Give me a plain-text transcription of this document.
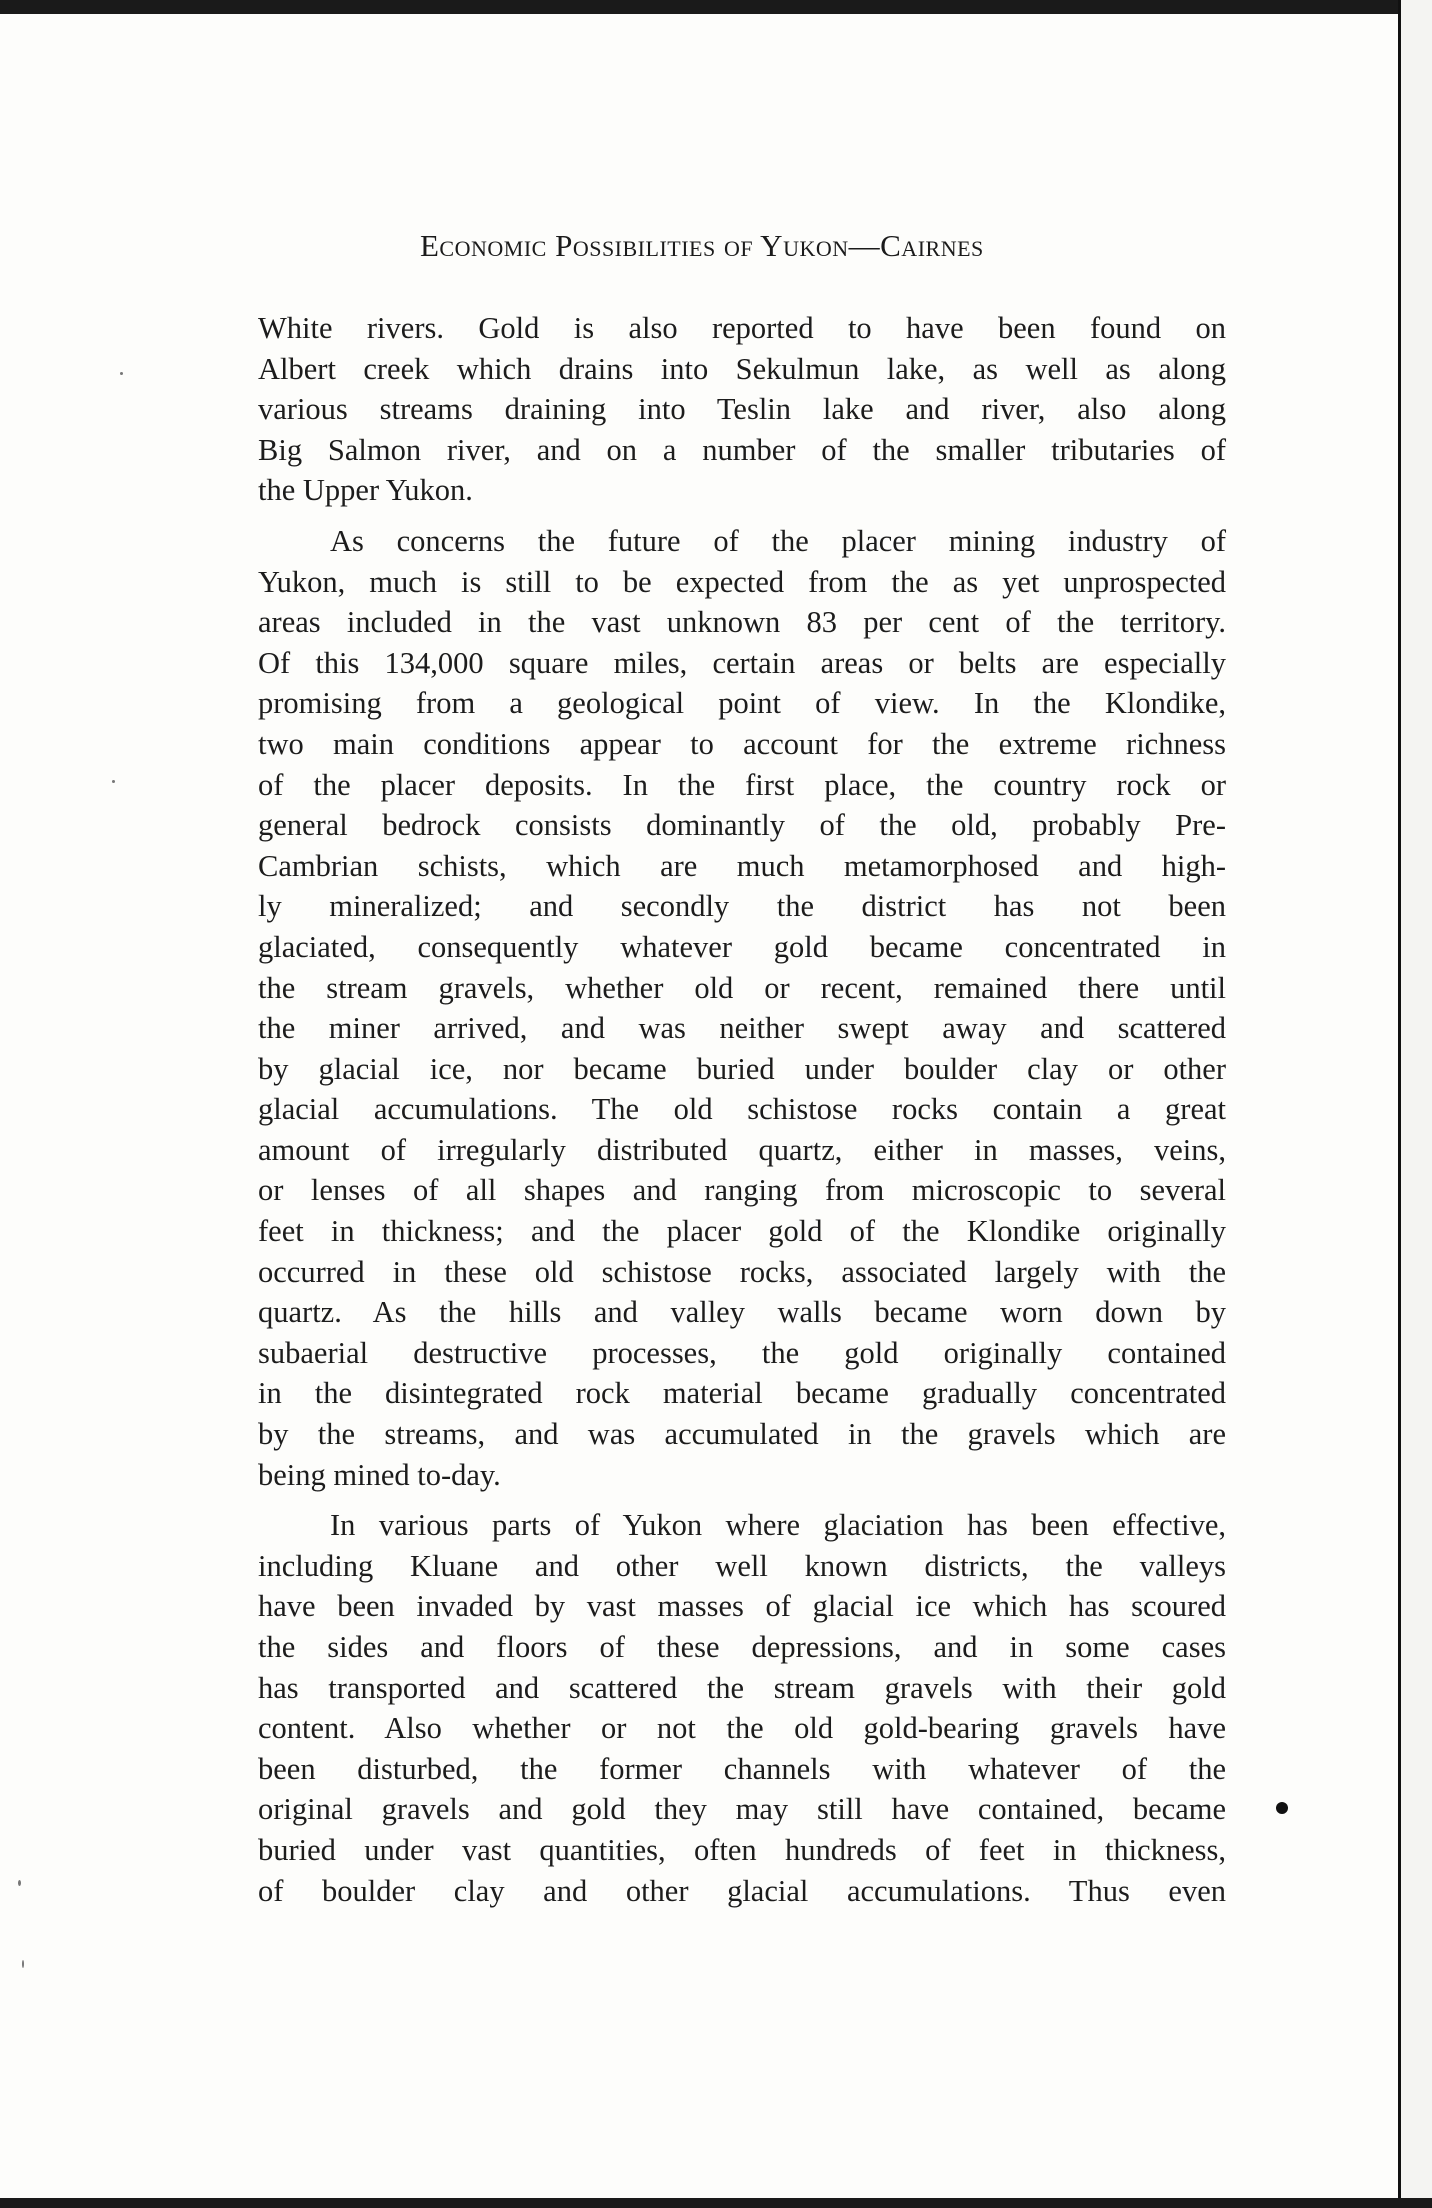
Economic Possibilities of Yukon—Cairnes
White rivers. Gold is also reported to have been found on
Albert creek which drains into Sekulmun lake, as well as along
various streams draining into Teslin lake and river, also along
Big Salmon river, and on a number of the smaller tributaries of
the Upper Yukon.
As concerns the future of the placer mining industry of
Yukon, much is still to be expected from the as yet unprospected
areas included in the vast unknown 83 per cent of the territory.
Of this 134,000 square miles, certain areas or belts are especially
promising from a geological point of view. In the Klondike,
two main conditions appear to account for the extreme richness
of the placer deposits. In the first place, the country rock or
general bedrock consists dominantly of the old, probably Pre-
Cambrian schists, which are much metamorphosed and high-
ly mineralized; and secondly the district has not been
glaciated, consequently whatever gold became concentrated in
the stream gravels, whether old or recent, remained there until
the miner arrived, and was neither swept away and scattered
by glacial ice, nor became buried under boulder clay or other
glacial accumulations. The old schistose rocks contain a great
amount of irregularly distributed quartz, either in masses, veins,
or lenses of all shapes and ranging from microscopic to several
feet in thickness; and the placer gold of the Klondike originally
occurred in these old schistose rocks, associated largely with the
quartz. As the hills and valley walls became worn down by
subaerial destructive processes, the gold originally contained
in the disintegrated rock material became gradually concentrated
by the streams, and was accumulated in the gravels which are
being mined to-day.
In various parts of Yukon where glaciation has been effective,
including Kluane and other well known districts, the valleys
have been invaded by vast masses of glacial ice which has scoured
the sides and floors of these depressions, and in some cases
has transported and scattered the stream gravels with their gold
content. Also whether or not the old gold-bearing gravels have
been disturbed, the former channels with whatever of the
original gravels and gold they may still have contained, became
buried under vast quantities, often hundreds of feet in thickness,
of boulder clay and other glacial accumulations. Thus even
